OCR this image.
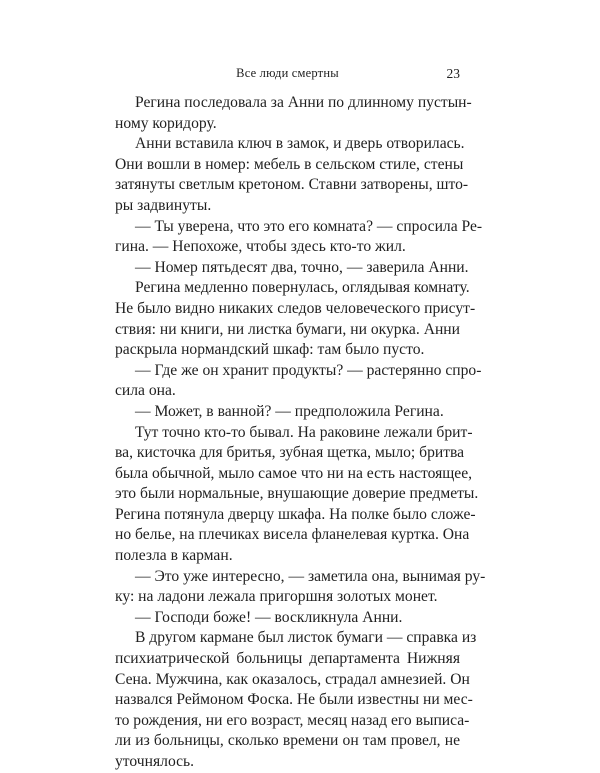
Все люди смертны	23

Регина последовала за Анни по длинному пустын-
ному коридору.

Анни вставила ключ в замок, и дверь отворилась.
Они вошли в номер: мебель в сельском стиле, стены
затянуты светлым кретоном. Ставни затворены, што-
ры задвинуты.

— Ты уверена, что это его комната? — спросила Ре-
гина. — Непохоже, чтобы здесь кто-то жил.

— Номер пятьдесят два, точно, — заверила Анни.

Регина медленно повернулась, оглядывая комнату.
Не было видно никаких следов человеческого присут-
ствия: ни книги, ни листка бумаги, ни окурка. Анни
раскрыла нормандский шкаф: там было пусто.

— Где же он хранит продукты? — растерянно спро-
сила она.

— Может, в ванной? — предположила Регина.

Тут точно кто-то бывал. На раковине лежали брит-
ва, кисточка для бритья, зубная щетка, мыло; бритва
была обычной, мыло самое что ни на есть настоящее,
это были нормальные, внушающие доверие предметы.
Регина потянула дверцу шкафа. На полке было сложе-
но белье, на плечиках висела фланелевая куртка. Она
полезла в карман.

— Это уже интересно, — заметила она, вынимая ру-
ку: на ладони лежала пригоршня золотых монет.

— Господи боже! — воскликнула Анни.

В другом кармане был листок бумаги — справка из
психиатрической больницы департамента Нижняя
Сена. Мужчина, как оказалось, страдал амнезией. Он
назвался Реймоном Фоска. Не были известны ни мес-
то рождения, ни его возраст, месяц назад его выписа-
ли из больницы, сколько времени он там провел, не
уточнялось.
